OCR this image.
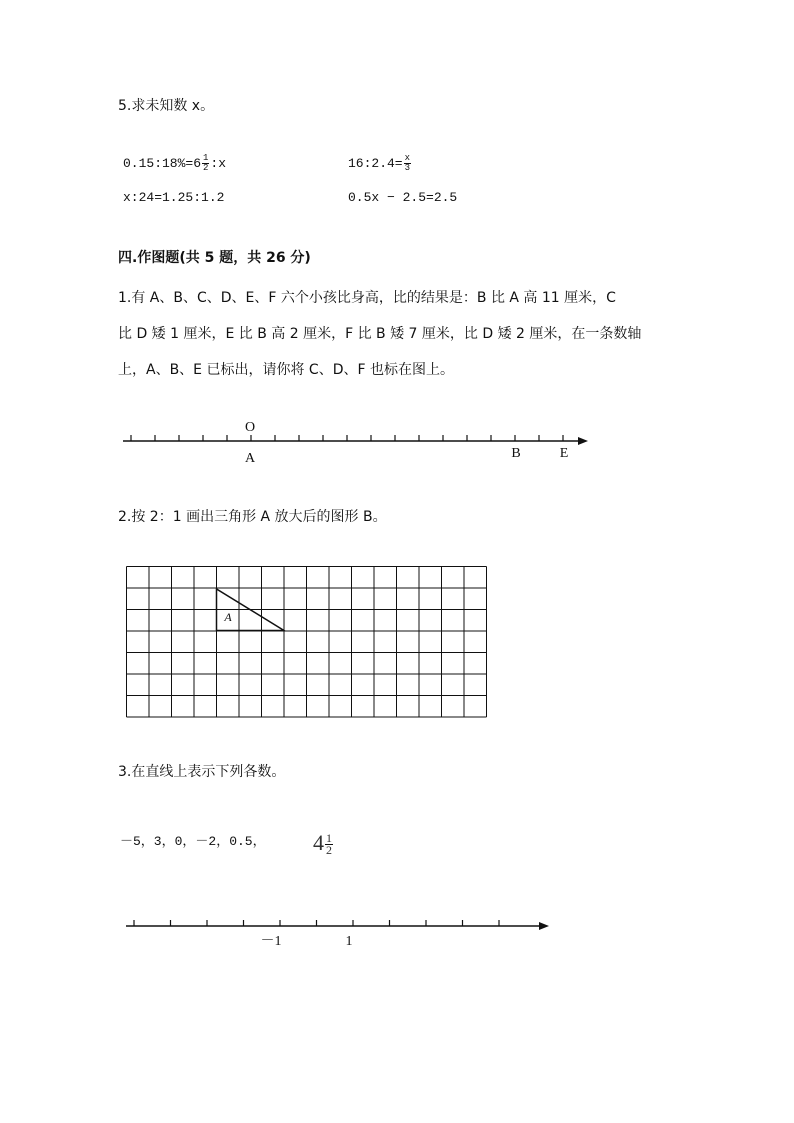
5.求未知数 x。
0.15:18%=6 $\frac{1}{2}$ :x	16:2.4= $\frac{x}{3}$
x:24=1.25:1.2	0.5x − 2.5=2.5
四.作图题(共 5 题，共 26 分)
1.有 A、B、C、D、E、F 六个小孩比身高，比的结果是：B 比 A 高 11 厘米，C
比 D 矮 1 厘米，E 比 B 高 2 厘米，F 比 B 矮 7 厘米，比 D 矮 2 厘米，在一条数轴
上，A、B、E 已标出，请你将 C、D、F 也标在图上。
O
A	B	E
2.按 2：1 画出三角形 A 放大后的图形 B。
A
3.在直线上表示下列各数。
－5，3，0，－2，0.5， $4 \frac{1}{2}$
－1	1
